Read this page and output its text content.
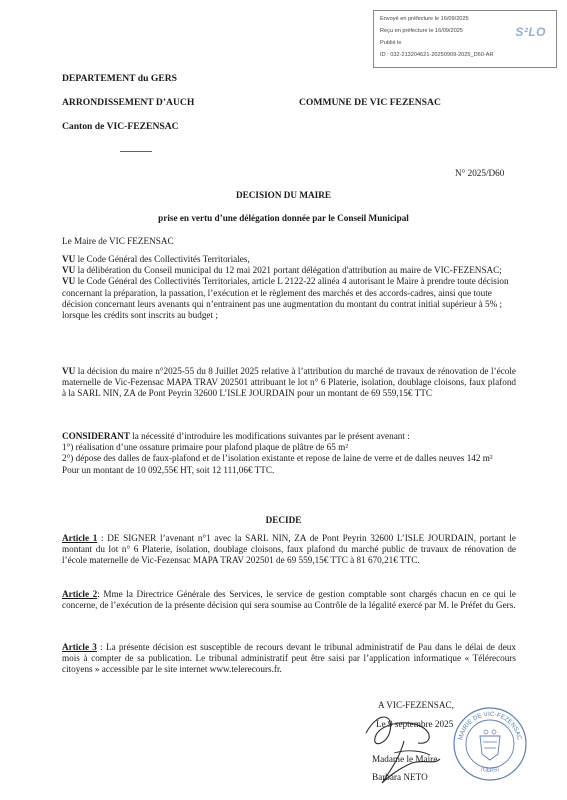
Envoyé en préfecture le 16/09/2025
Reçu en préfecture le 16/09/2025
Publié le
ID : 032-213204621-20250909-2025_D60-AR
S²LO
DEPARTEMENT du GERS
ARRONDISSEMENT D’AUCH	COMMUNE DE VIC FEZENSAC
Canton de VIC-FEZENSAC
N° 2025/D60
DECISION DU MAIRE
prise en vertu d’une délégation donnée par le Conseil Municipal
Le Maire de VIC FEZENSAC
VU le Code Général des Collectivités Territoriales,
VU la délibération du Conseil municipal du 12 mai 2021 portant délégation d'attribution au maire de VIC-FEZENSAC;
VU le Code Général des Collectivités Territoriales, article L 2122-22 alinéa 4 autorisant le Maire à prendre toute décision concernant la préparation, la passation, l’exécution et le règlement des marchés et des accords-cadres, ainsi que toute décision concernant leurs avenants qui n’entrainent pas une augmentation du montant du contrat initial supérieur à 5% ; lorsque les crédits sont inscrits au budget ;
VU la décision du maire n°2025-55 du 8 Juillet 2025 relative à l’attribution du marché de travaux de rénovation de l’école maternelle de Vic-Fezensac MAPA TRAV 202501 attribuant le lot n° 6 Platerie, isolation, doublage cloisons, faux plafond à la SARL NIN, ZA de Pont Peyrin 32600 L’ISLE JOURDAIN pour un montant de 69 559,15€ TTC
CONSIDERANT la nécessité d’introduire les modifications suivantes par le présent avenant :
1°) réalisation d’une ossature primaire pour plafond plaque de plâtre de 65 m²
2°) dépose des dalles de faux-plafond et de l’isolation existante et repose de laine de verre et de dalles neuves 142 m²
Pour un montant de 10 092,55€ HT, soit 12 111,06€ TTC.
DECIDE
Article 1 : DE SIGNER l’avenant n°1 avec la SARL NIN, ZA de Pont Peyrin 32600 L’ISLE JOURDAIN, portant le montant du lot n° 6 Platerie, isolation, doublage cloisons, faux plafond du marché public de travaux de rénovation de l’école maternelle de Vic-Fezensac MAPA TRAV 202501 de 69 559,15€ TTC à 81 670,21€ TTC.
Article 2: Mme la Directrice Générale des Services, le service de gestion comptable sont chargés chacun en ce qui le concerne, de l’exécution de la présente décision qui sera soumise au Contrôle de la légalité exercé par M. le Préfet du Gers.
Article 3 : La présente décision est susceptible de recours devant le tribunal administratif de Pau dans le délai de deux mois à compter de sa publication. Le tribunal administratif peut être saisi par l’application informatique « Télérecours citoyens » accessible par le site internet www.telerecours.fr.
A VIC-FEZENSAC,
Le 9 septembre 2025
Madame le Maire
Barbara NETO
MAIRIE DE VIC-FEZENSAC
(GERS)
